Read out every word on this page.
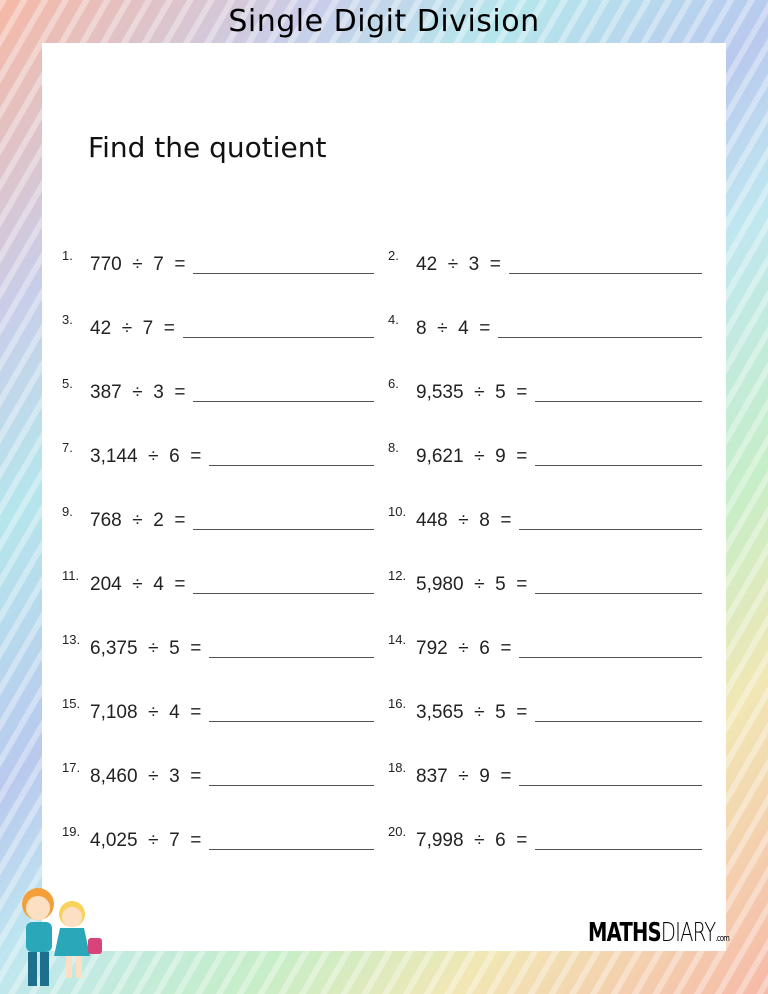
Single Digit Division
Find the quotient
1. 770  ÷  7  =	2. 42  ÷  3  =
3. 42  ÷  7  =	4. 8  ÷  4  =
5. 387  ÷  3  =	6. 9,535  ÷  5  =
7. 3,144  ÷  6  =	8. 9,621  ÷  9  =
9. 768  ÷  2  =	10. 448  ÷  8  =
11. 204  ÷  4  =	12. 5,980  ÷  5  =
13. 6,375  ÷  5  =	14. 792  ÷  6  =
15. 7,108  ÷  4  =	16. 3,565  ÷  5  =
17. 8,460  ÷  3  =	18. 837  ÷  9  =
19. 4,025  ÷  7  =	20. 7,998  ÷  6  =
MATHSDIARY.com
